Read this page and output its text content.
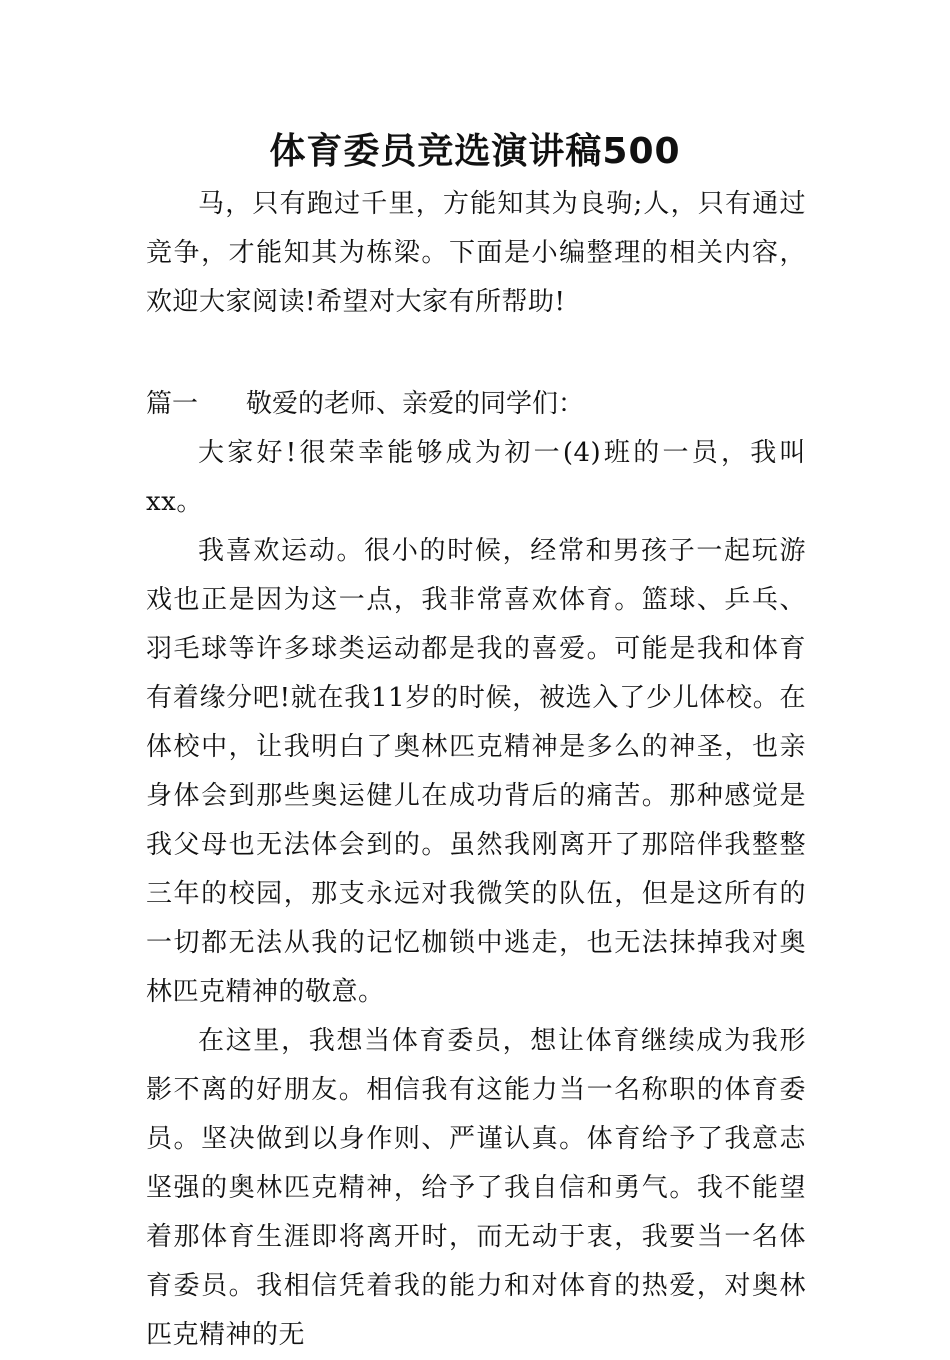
体育委员竞选演讲稿500

马，只有跑过千里，方能知其为良驹;人，只有通过竞争，才能知其为栋梁。下面是小编整理的相关内容，欢迎大家阅读!希望对大家有所帮助!

篇一 敬爱的老师、亲爱的同学们：

大家好!很荣幸能够成为初一(4)班的一员，我叫xx。

我喜欢运动。很小的时候，经常和男孩子一起玩游戏也正是因为这一点，我非常喜欢体育。篮球、乒乓、羽毛球等许多球类运动都是我的喜爱。可能是我和体育有着缘分吧!就在我11岁的时候，被选入了少儿体校。在体校中，让我明白了奥林匹克精神是多么的神圣，也亲身体会到那些奥运健儿在成功背后的痛苦。那种感觉是我父母也无法体会到的。虽然我刚离开了那陪伴我整整三年的校园，那支永远对我微笑的队伍，但是这所有的一切都无法从我的记忆枷锁中逃走，也无法抹掉我对奥林匹克精神的敬意。

在这里，我想当体育委员，想让体育继续成为我形影不离的好朋友。相信我有这能力当一名称职的体育委员。坚决做到以身作则、严谨认真。体育给予了我意志坚强的奥林匹克精神，给予了我自信和勇气。我不能望着那体育生涯即将离开时，而无动于衷，我要当一名体育委员。我相信凭着我的能力和对体育的热爱，对奥林匹克精神的无
